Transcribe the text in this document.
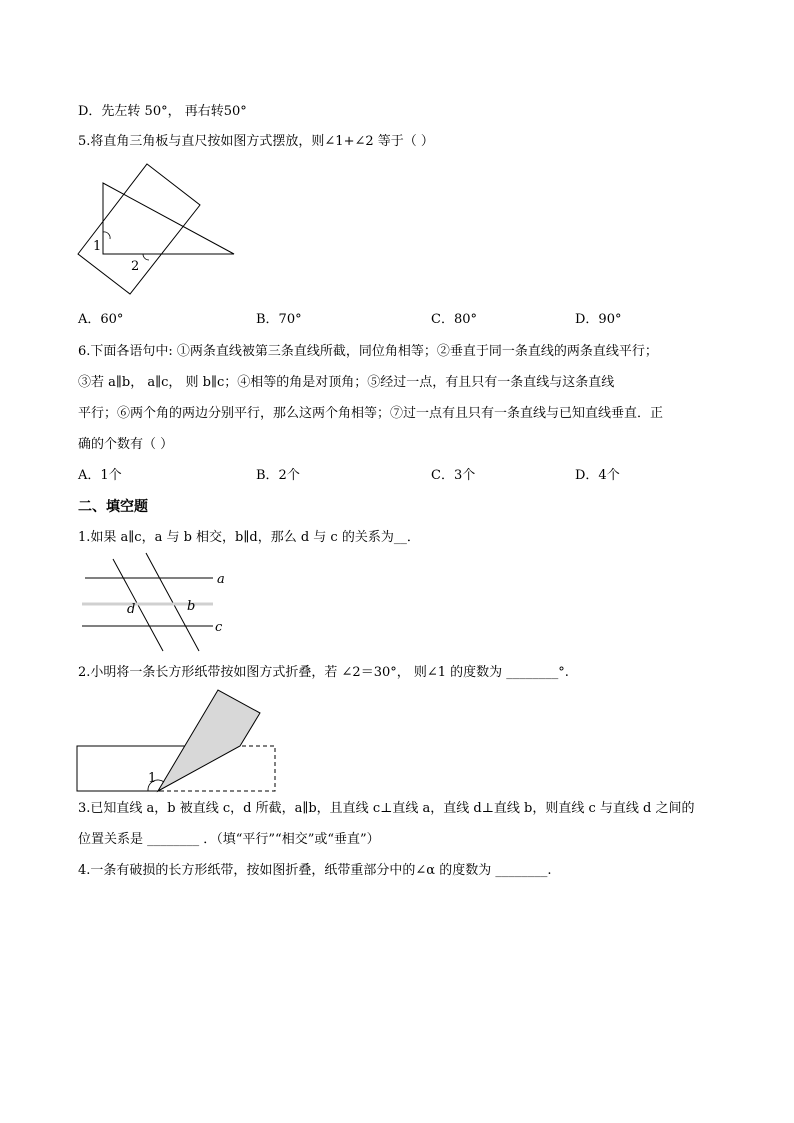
D．先左转 50°， 再右转50°
5.将直角三角板与直尺按如图方式摆放，则∠1+∠2 等于（ ）
1
2
A．60°	B．70°	C．80°	D．90°
6.下面各语句中: ①两条直线被第三条直线所截，同位角相等；②垂直于同一条直线的两条直线平行；
③若 a∥b， a∥c， 则 b∥c；④相等的角是对顶角；⑤经过一点，有且只有一条直线与这条直线
平行；⑥两个角的两边分别平行，那么这两个角相等；⑦过一点有且只有一条直线与已知直线垂直．正
确的个数有（ ）
A．1个	B．2个	C．3个	D．4个
二、填空题
1.如果 a∥c，a 与 b 相交，b∥d，那么 d 与 c 的关系为__．
a
c
b
d
2.小明将一条长方形纸带按如图方式折叠，若 ∠2＝30°， 则∠1 的度数为 ________°.
1
3.已知直线 a，b 被直线 c，d 所截，a∥b，且直线 c⊥直线 a，直线 d⊥直线 b，则直线 c 与直线 d 之间的
位置关系是 ________ ．（填“平行”“相交”或“垂直”）
4.一条有破损的长方形纸带，按如图折叠，纸带重部分中的∠α 的度数为 ________.
